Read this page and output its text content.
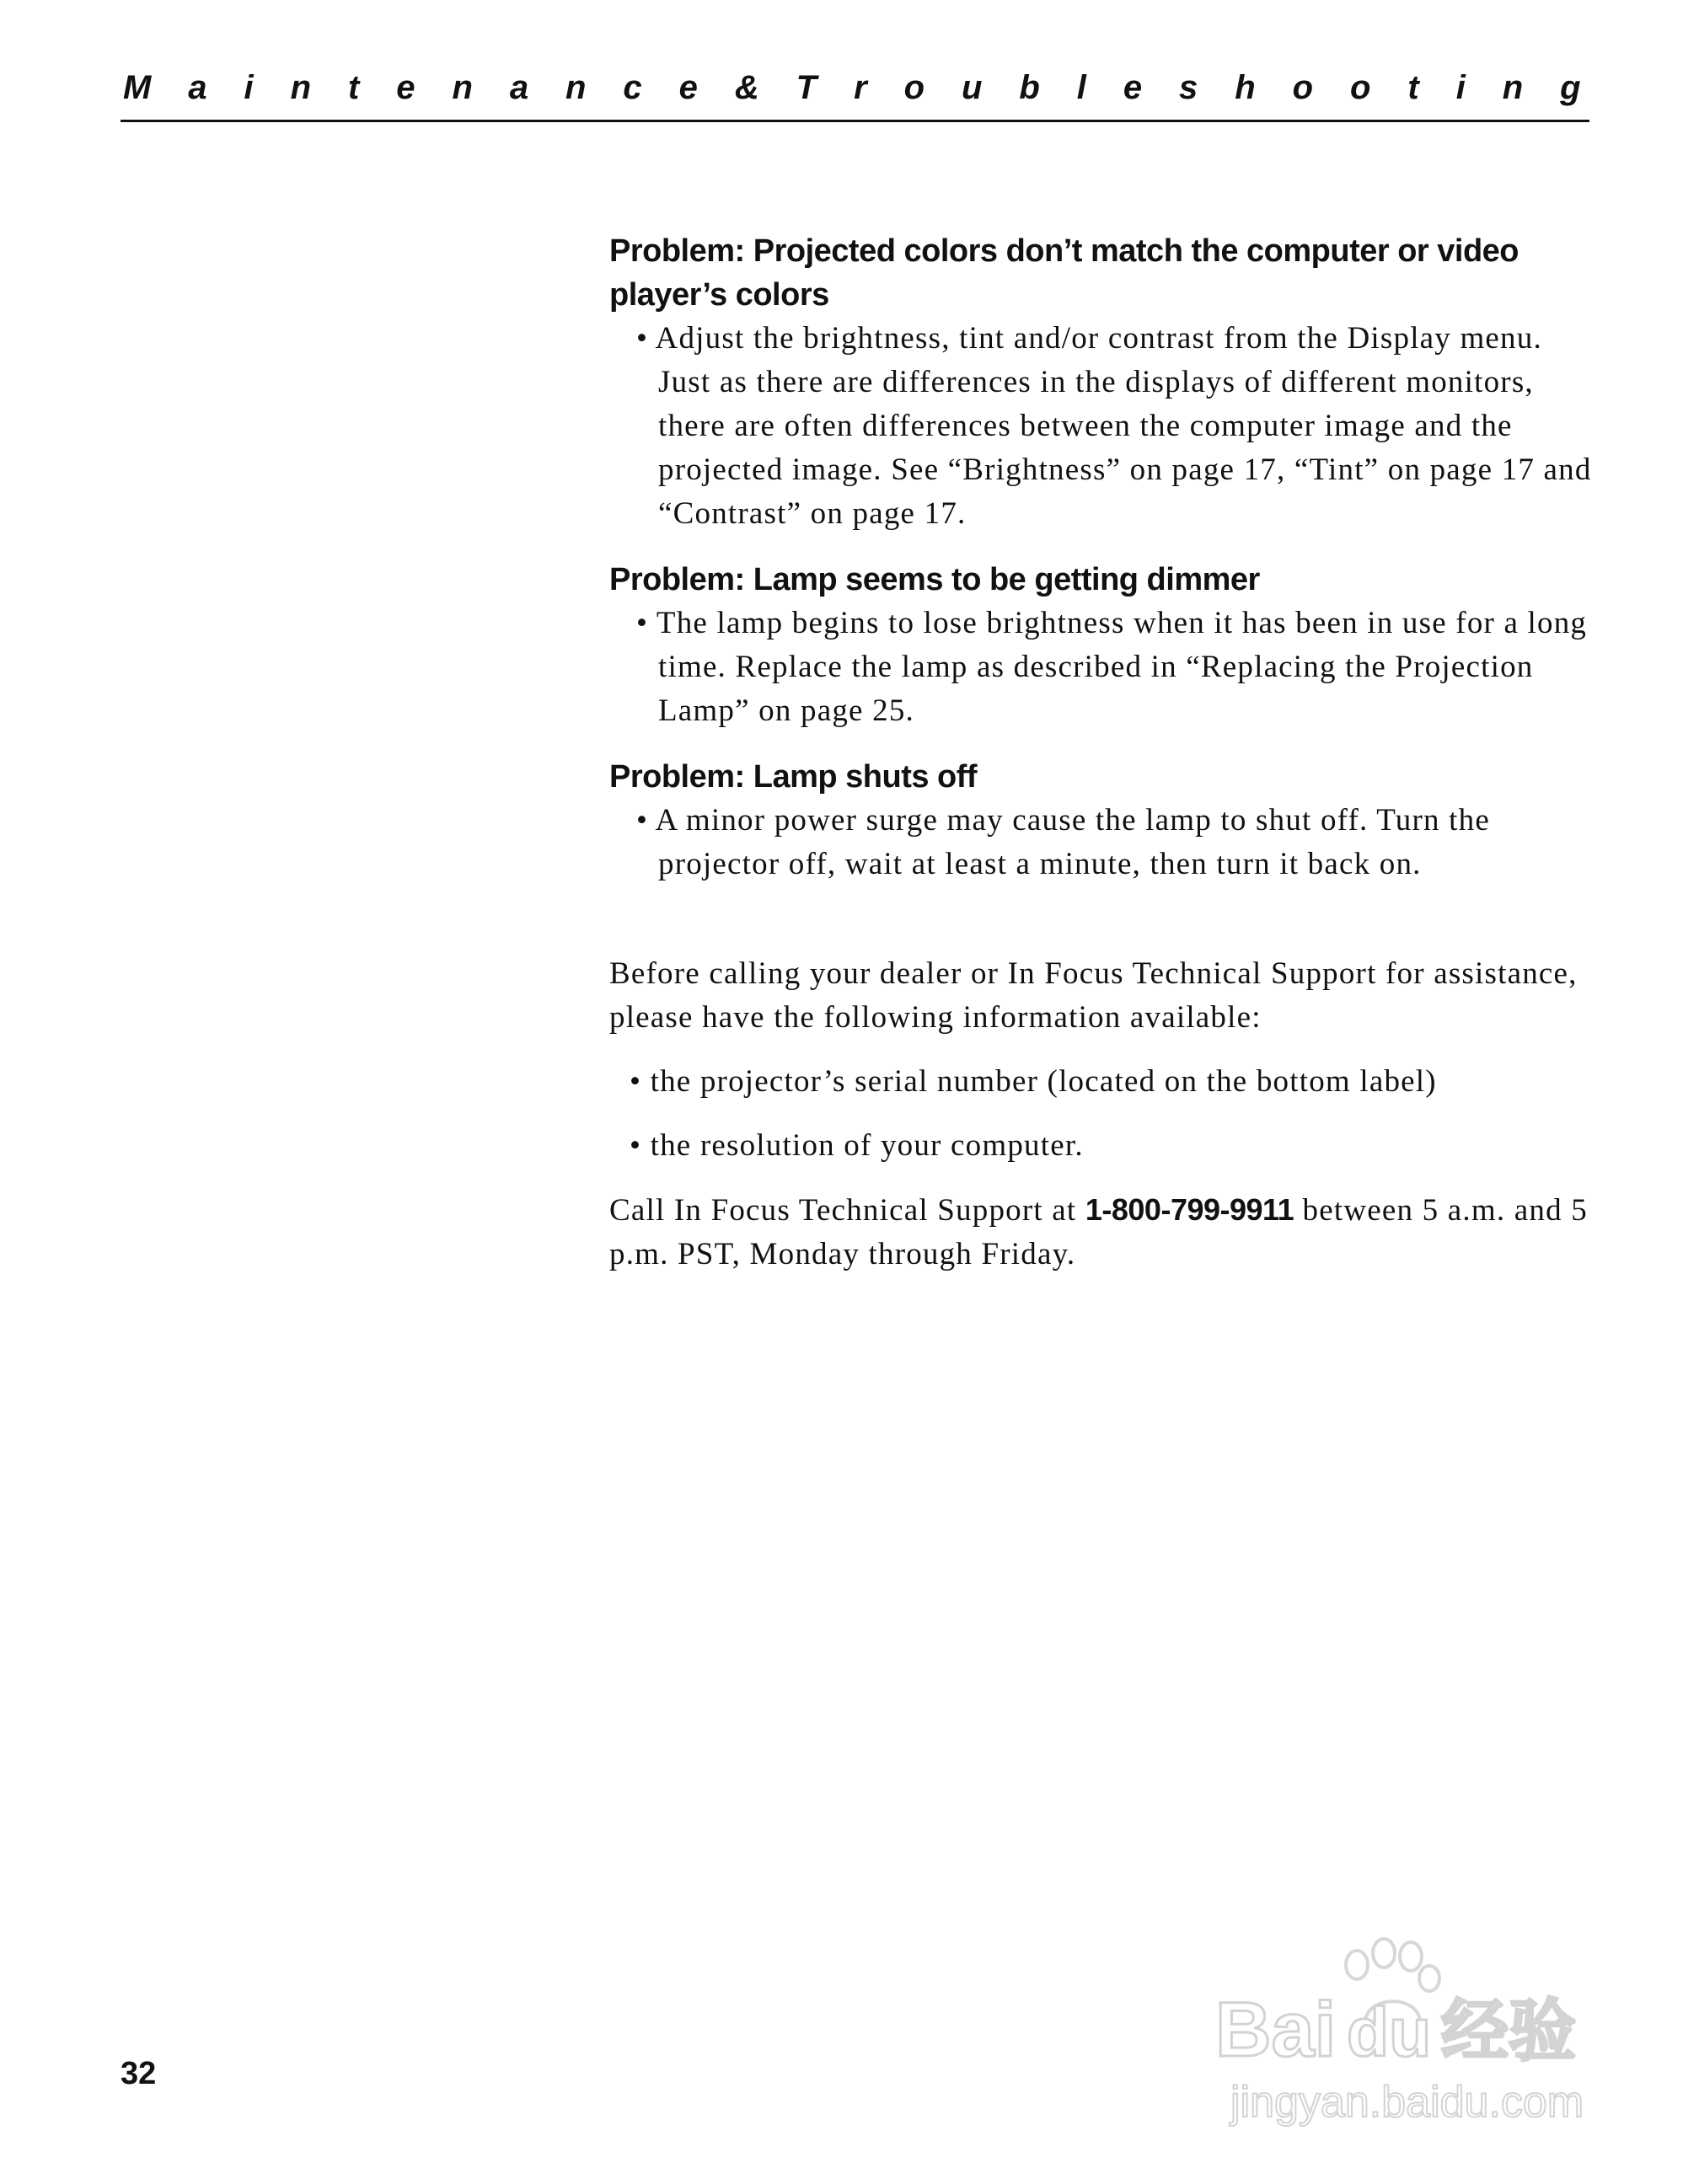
M a i n t e n a n c e & T r o u b l e s h o o t i n g

Problem: Projected colors don’t match the computer or video player’s colors

• Adjust the brightness, tint and/or contrast from the Display menu. Just as there are differences in the displays of different monitors, there are often differences between the computer image and the projected image. See “Brightness” on page 17, “Tint” on page 17 and “Contrast” on page 17.

Problem: Lamp seems to be getting dimmer

• The lamp begins to lose brightness when it has been in use for a long time. Replace the lamp as described in “Replacing the Projection Lamp” on page 25.

Problem: Lamp shuts off

• A minor power surge may cause the lamp to shut off. Turn the projector off, wait at least a minute, then turn it back on.

Before calling your dealer or In Focus Technical Support for assistance, please have the following information available:

• the projector’s serial number (located on the bottom label)

• the resolution of your computer.

Call In Focus Technical Support at 1-800-799-9911 between 5 a.m. and 5 p.m. PST, Monday through Friday.

32
Bai du 经验
jingyan.baidu.com
